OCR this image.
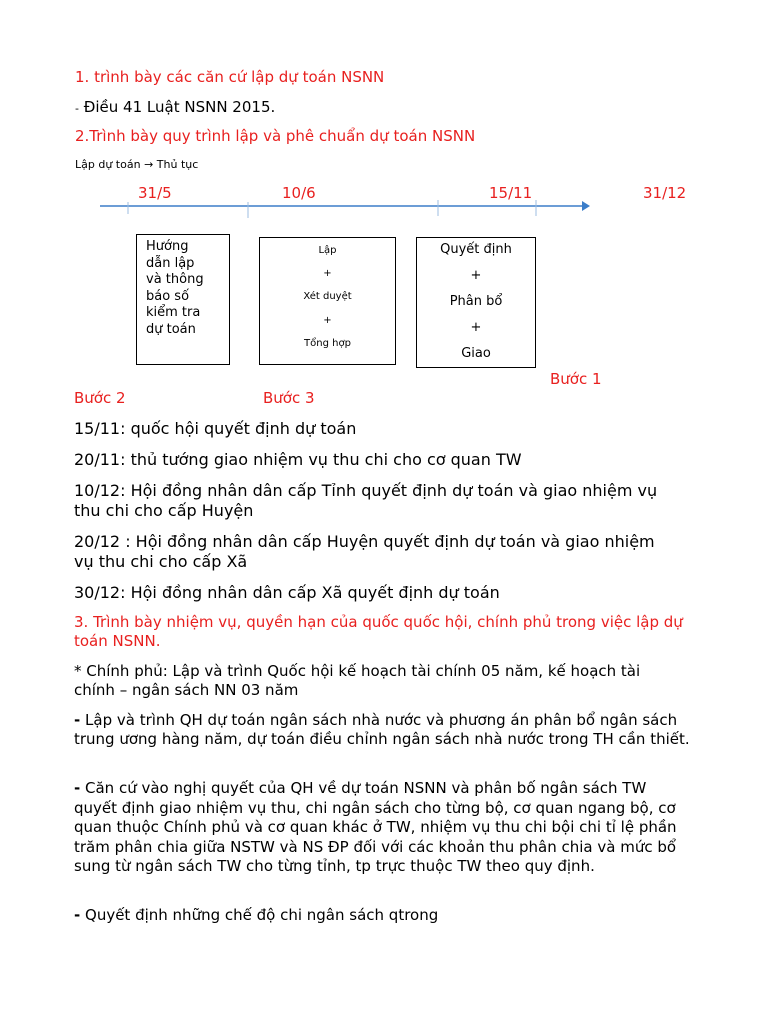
1. trình bày các căn cứ lập dự toán NSNN
- Điều 41 Luật NSNN 2015.
2.Trình bày quy trình lập và phê chuẩn dự toán NSNN
Lập dự toán → Thủ tục
31/5	10/6	15/11	31/12
Hướng
dẫn lập
và thông
báo số
kiểm tra
dự toán
Lập
+
Xét duyệt
+
Tổng hợp
Quyết định
+
Phân bổ
+
Giao
Bước 2	Bước 3
Bước 1
15/11: quốc hội quyết định dự toán
20/11: thủ tướng giao nhiệm vụ thu chi cho cơ quan TW
10/12: Hội đồng nhân dân cấp Tỉnh quyết định dự toán và giao nhiệm vụ thu chi cho cấp Huyện
20/12 : Hội đồng nhân dân cấp Huyện quyết định dự toán và giao nhiệm vụ thu chi cho cấp Xã
30/12: Hội đồng nhân dân cấp Xã quyết định dự toán
3. Trình bày nhiệm vụ, quyền hạn của quốc quốc hội, chính phủ trong việc lập dự toán NSNN.
* Chính phủ: Lập và trình Quốc hội kế hoạch tài chính 05 năm, kế hoạch tài chính – ngân sách NN 03 năm
- Lập và trình QH dự toán ngân sách nhà nước và phương án phân bổ ngân sách trung ương hàng năm, dự toán điều chỉnh ngân sách nhà nước trong TH cần thiết.
- Căn cứ vào nghị quyết của QH về dự toán NSNN và phân bố ngân sách TW quyết định giao nhiệm vụ thu, chi ngân sách cho từng bộ, cơ quan ngang bộ, cơ quan thuộc Chính phủ và cơ quan khác ở TW, nhiệm vụ thu chi bội chi tỉ lệ phần trăm phân chia giữa NSTW và NS ĐP đối với các khoản thu phân chia và mức bổ sung từ ngân sách TW cho từng tỉnh, tp trực thuộc TW theo quy định.
- Quyết định những chế độ chi ngân sách qtrong
